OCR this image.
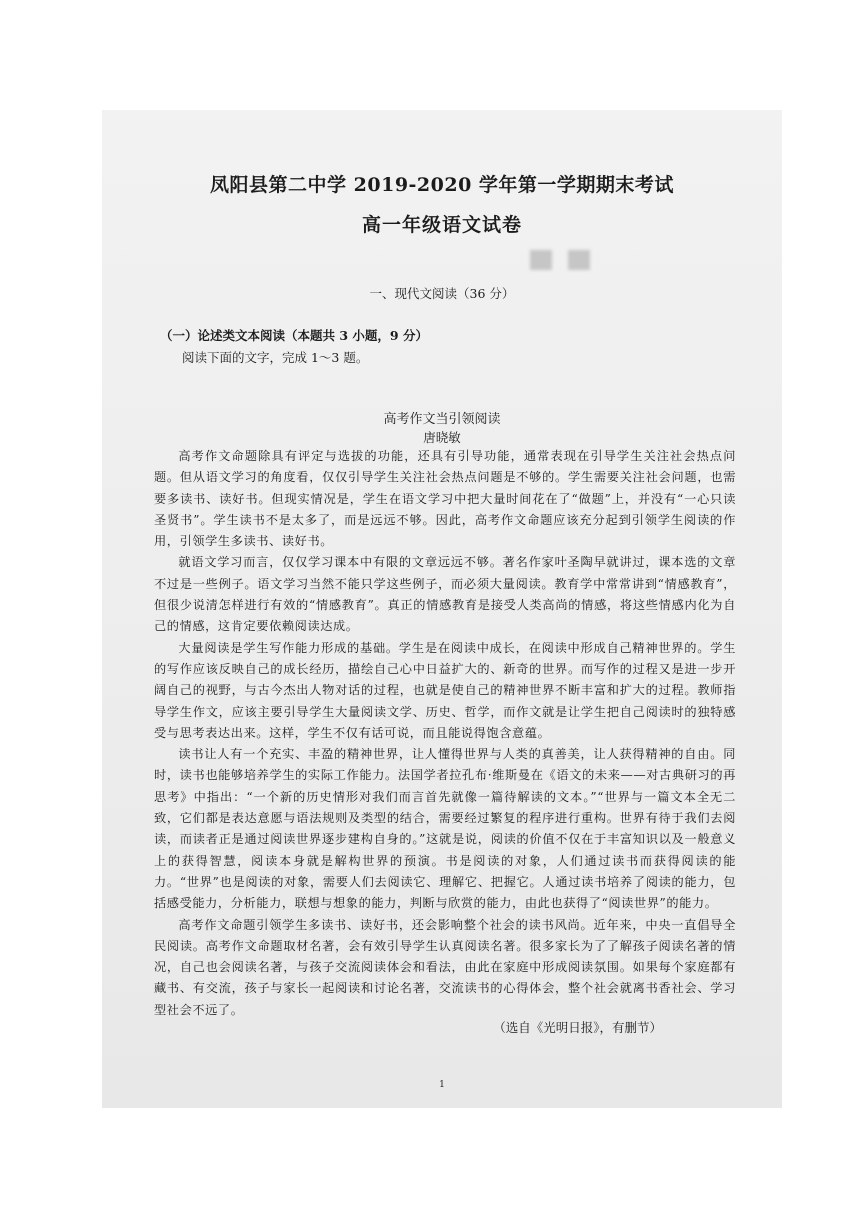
凤阳县第二中学 2019-2020 学年第一学期期末考试
高一年级语文试卷
一、现代文阅读（36 分）
（一）论述类文本阅读（本题共 3 小题，9 分）
阅读下面的文字，完成 1～3 题。
高考作文当引领阅读
唐晓敏

高考作文命题除具有评定与选拔的功能，还具有引导功能，通常表现在引导学生关注社会热点问题。但从语文学习的角度看，仅仅引导学生关注社会热点问题是不够的。学生需要关注社会问题，也需要多读书、读好书。但现实情况是，学生在语文学习中把大量时间花在了“做题”上，并没有“一心只读圣贤书”。学生读书不是太多了，而是远远不够。因此，高考作文命题应该充分起到引领学生阅读的作用，引领学生多读书、读好书。

就语文学习而言，仅仅学习课本中有限的文章远远不够。著名作家叶圣陶早就讲过，课本选的文章不过是一些例子。语文学习当然不能只学这些例子，而必须大量阅读。教育学中常常讲到“情感教育”，但很少说清怎样进行有效的“情感教育”。真正的情感教育是接受人类高尚的情感，将这些情感内化为自己的情感，这肯定要依赖阅读达成。

大量阅读是学生写作能力形成的基础。学生是在阅读中成长，在阅读中形成自己精神世界的。学生的写作应该反映自己的成长经历，描绘自己心中日益扩大的、新奇的世界。而写作的过程又是进一步开阔自己的视野，与古今杰出人物对话的过程，也就是使自己的精神世界不断丰富和扩大的过程。教师指导学生作文，应该主要引导学生大量阅读文学、历史、哲学，而作文就是让学生把自己阅读时的独特感受与思考表达出来。这样，学生不仅有话可说，而且能说得饱含意蕴。

读书让人有一个充实、丰盈的精神世界，让人懂得世界与人类的真善美，让人获得精神的自由。同时，读书也能够培养学生的实际工作能力。法国学者拉孔布·维斯曼在《语文的未来——对古典研习的再思考》中指出：“一个新的历史情形对我们而言首先就像一篇待解读的文本。”“世界与一篇文本全无二致，它们都是表达意愿与语法规则及类型的结合，需要经过繁复的程序进行重构。世界有待于我们去阅读，而读者正是通过阅读世界逐步建构自身的。”这就是说，阅读的价值不仅在于丰富知识以及一般意义上的获得智慧，阅读本身就是解构世界的预演。书是阅读的对象，人们通过读书而获得阅读的能力。“世界”也是阅读的对象，需要人们去阅读它、理解它、把握它。人通过读书培养了阅读的能力，包括感受能力，分析能力，联想与想象的能力，判断与欣赏的能力，由此也获得了“阅读世界”的能力。

高考作文命题引领学生多读书、读好书，还会影响整个社会的读书风尚。近年来，中央一直倡导全民阅读。高考作文命题取材名著，会有效引导学生认真阅读名著。很多家长为了了解孩子阅读名著的情况，自己也会阅读名著，与孩子交流阅读体会和看法，由此在家庭中形成阅读氛围。如果每个家庭都有藏书、有交流，孩子与家长一起阅读和讨论名著，交流读书的心得体会，整个社会就离书香社会、学习型社会不远了。

（选自《光明日报》，有删节）
1
